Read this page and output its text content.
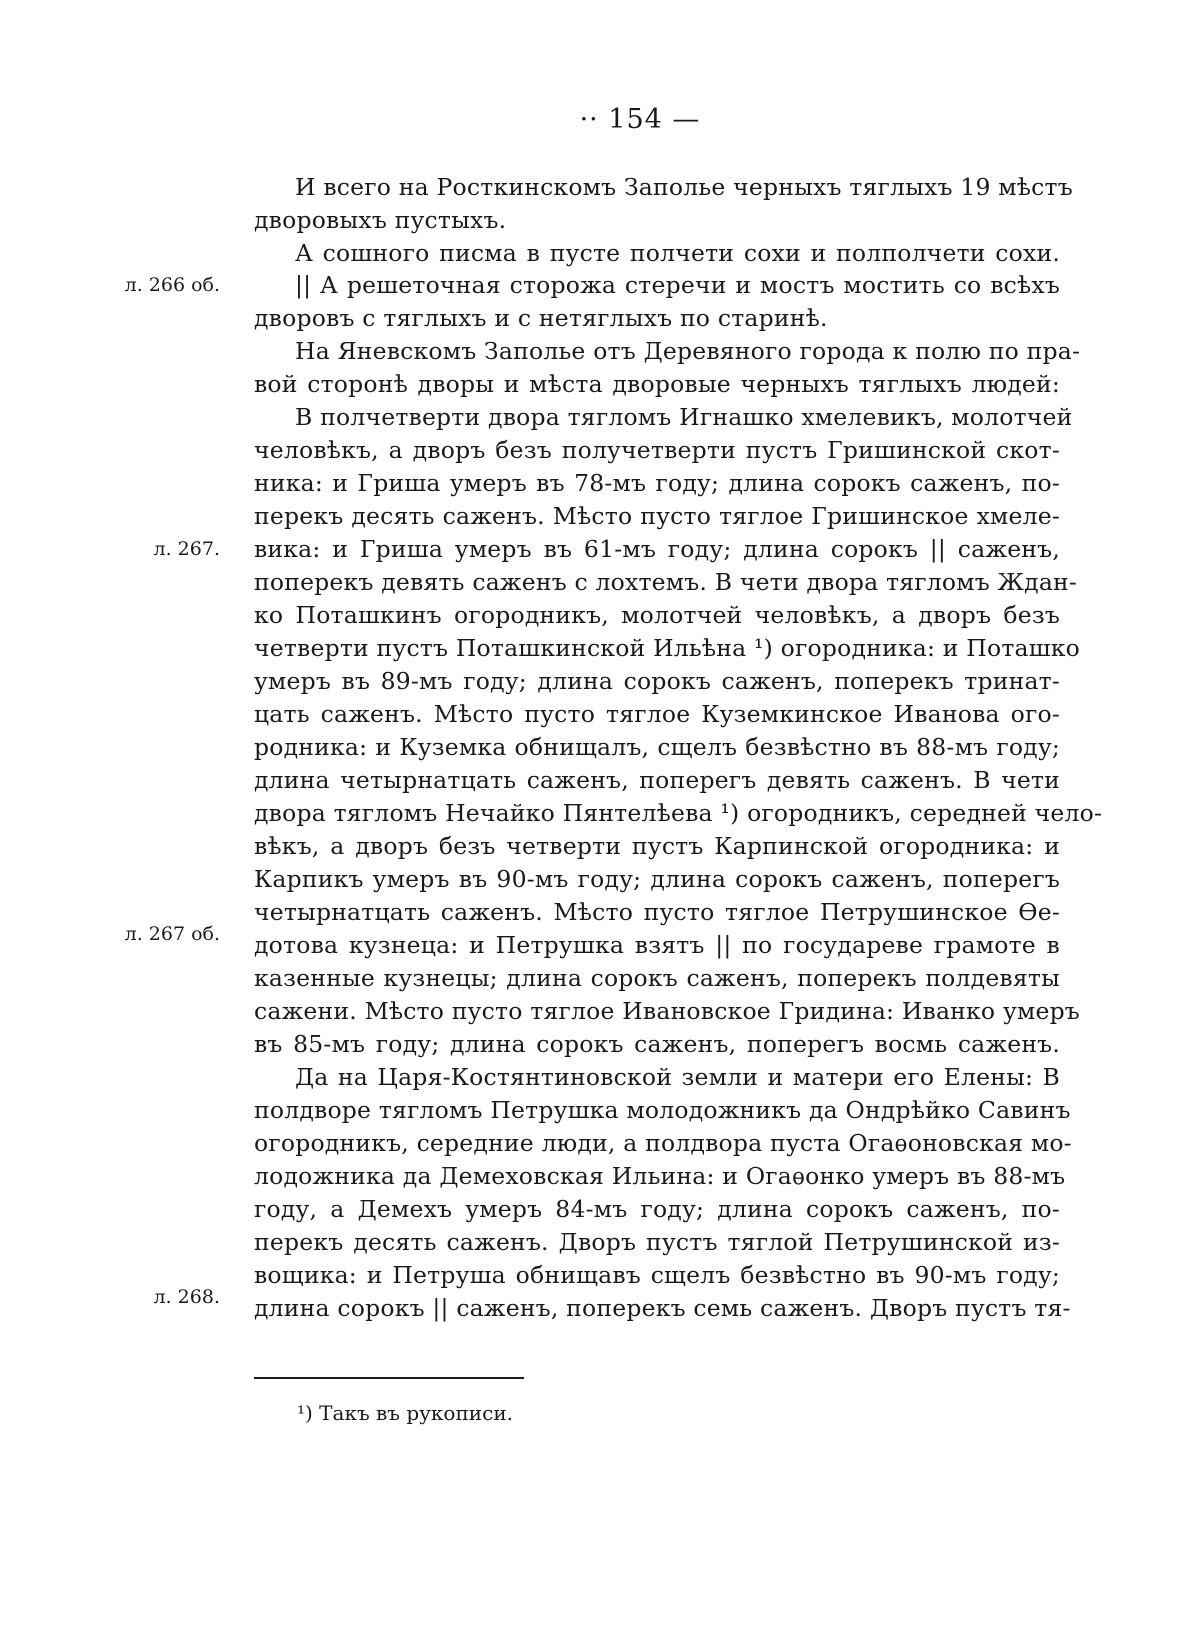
·· 154 —
л. 266 об.
л. 267.
л. 267 об.
л. 268.
И всего на Росткинскомъ Заполье черныхъ тяглыхъ 19 мѣстъ
дворовыхъ пустыхъ.
А сошного писма в пусте полчети сохи и полполчети сохи.
|| А решеточная сторожа стеречи и мостъ мостить со всѣхъ
дворовъ с тяглыхъ и с нетяглыхъ по старинѣ.
На Яневскомъ Заполье отъ Деревяного города к полю по пра-
вой сторонѣ дворы и мѣста дворовые черныхъ тяглыхъ людей:
В полчетверти двора тягломъ Игнашко хмелевикъ, молотчей
человѣкъ, а дворъ безъ получетверти пустъ Гришинской скот-
ника: и Гриша умеръ въ 78-мъ году; длина сорокъ саженъ, по-
перекъ десять саженъ. Мѣсто пусто тяглое Гришинское хмеле-
вика: и Гриша умеръ въ 61-мъ году; длина сорокъ || саженъ,
поперекъ девять саженъ с лохтемъ. В чети двора тягломъ Ждан-
ко Поташкинъ огородникъ, молотчей человѣкъ, а дворъ безъ
четверти пустъ Поташкинской Ильѣна ¹) огородника: и Поташко
умеръ въ 89-мъ году; длина сорокъ саженъ, поперекъ тринат-
цать саженъ. Мѣсто пусто тяглое Куземкинское Иванова ого-
родника: и Куземка обнищалъ, сщелъ безвѣстно въ 88-мъ году;
длина четырнатцать саженъ, поперегъ девять саженъ. В чети
двора тягломъ Нечайко Пянтелѣева ¹) огородникъ, середней чело-
вѣкъ, а дворъ безъ четверти пустъ Карпинской огородника: и
Карпикъ умеръ въ 90-мъ году; длина сорокъ саженъ, поперегъ
четырнатцать саженъ. Мѣсто пусто тяглое Петрушинское Ѳе-
дотова кузнеца: и Петрушка взятъ || по государеве грамоте в
казенные кузнецы; длина сорокъ саженъ, поперекъ полдевяты
сажени. Мѣсто пусто тяглое Ивановское Гридина: Иванко умеръ
въ 85-мъ году; длина сорокъ саженъ, поперегъ восмь саженъ.
Да на Царя-Костянтиновской земли и матери его Елены: В
полдворе тягломъ Петрушка молодожникъ да Ондрѣйко Савинъ
огородникъ, середние люди, а полдвора пуста Огаѳоновская мо-
лодожника да Демеховская Ильина: и Огаѳонко умеръ въ 88-мъ
году, а Демехъ умеръ 84-мъ году; длина сорокъ саженъ, по-
перекъ десять саженъ. Дворъ пустъ тяглой Петрушинской из-
вощика: и Петруша обнищавъ сщелъ безвѣстно въ 90-мъ году;
длина сорокъ || саженъ, поперекъ семь саженъ. Дворъ пустъ тя-
¹) Такъ въ рукописи.
